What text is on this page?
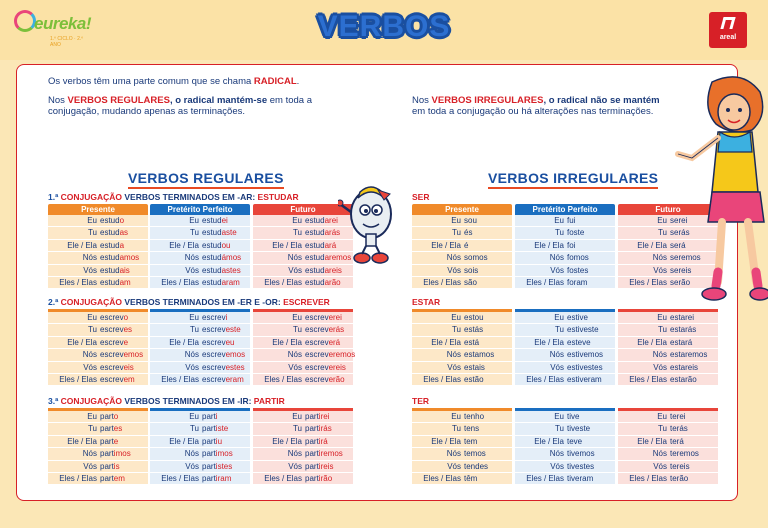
eureka!
1.º CICLO · 2.º ANO
VERBOS	areal
Os verbos têm uma parte comum que se chama RADICAL.
Nos VERBOS REGULARES, o radical mantém-se em toda a
conjugação, mudando apenas as terminações.
Nos VERBOS IRREGULARES, o radical não se mantém
em toda a conjugação ou há alterações nas terminações.
VERBOS REGULARES	VERBOS IRREGULARES
1.ª CONJUGAÇÃO VERBOS TERMINADOS EM -AR: ESTUDAR
Presente
Eu estudo
Tu estudas
Ele / Ela estuda
Nós estudamos
Vós estudais
Eles / Elas estudam
Pretérito Perfeito
Eu estudei
Tu estudaste
Ele / Ela estudou
Nós estudámos
Vós estudastes
Eles / Elas estudaram
Futuro
Eu estudarei
Tu estudarás
Ele / Ela estudará
Nós estudaremos
Vós estudareis
Eles / Elas estudarão
2.ª CONJUGAÇÃO VERBOS TERMINADOS EM -ER E -OR: ESCREVER
Eu escrevo
Tu escreves
Ele / Ela escreve
Nós escrevemos
Vós escreveis
Eles / Elas escrevem
Eu escrevi
Tu escreveste
Ele / Ela escreveu
Nós escrevemos
Vós escrevestes
Eles / Elas escreveram
Eu escreverei
Tu escreverás
Ele / Ela escreverá
Nós escreveremos
Vós escrevereis
Eles / Elas escreverão
3.ª CONJUGAÇÃO VERBOS TERMINADOS EM -IR: PARTIR
Eu parto
Tu partes
Ele / Ela parte
Nós partimos
Vós partis
Eles / Elas partem
Eu parti
Tu partiste
Ele / Ela partiu
Nós partimos
Vós partistes
Eles / Elas partiram
Eu partirei
Tu partirás
Ele / Ela partirá
Nós partiremos
Vós partireis
Eles / Elas partirão
SER
Presente
Eu sou
Tu és
Ele / Ela é
Nós somos
Vós sois
Eles / Elas são
Pretérito Perfeito
Eu fui
Tu foste
Ele / Ela foi
Nós fomos
Vós fostes
Eles / Elas foram
Futuro
Eu serei
Tu serás
Ele / Ela será
Nós seremos
Vós sereis
Eles / Elas serão
ESTAR
Eu estou
Tu estás
Ele / Ela está
Nós estamos
Vós estais
Eles / Elas estão
Eu estive
Tu estiveste
Ele / Ela esteve
Nós estivemos
Vós estivestes
Eles / Elas estiveram
Eu estarei
Tu estarás
Ele / Ela estará
Nós estaremos
Vós estareis
Eles / Elas estarão
TER
Eu tenho
Tu tens
Ele / Ela tem
Nós temos
Vós tendes
Eles / Elas têm
Eu tive
Tu tiveste
Ele / Ela teve
Nós tivemos
Vós tivestes
Eles / Elas tiveram
Eu terei
Tu terás
Ele / Ela terá
Nós teremos
Vós tereis
Eles / Elas terão
